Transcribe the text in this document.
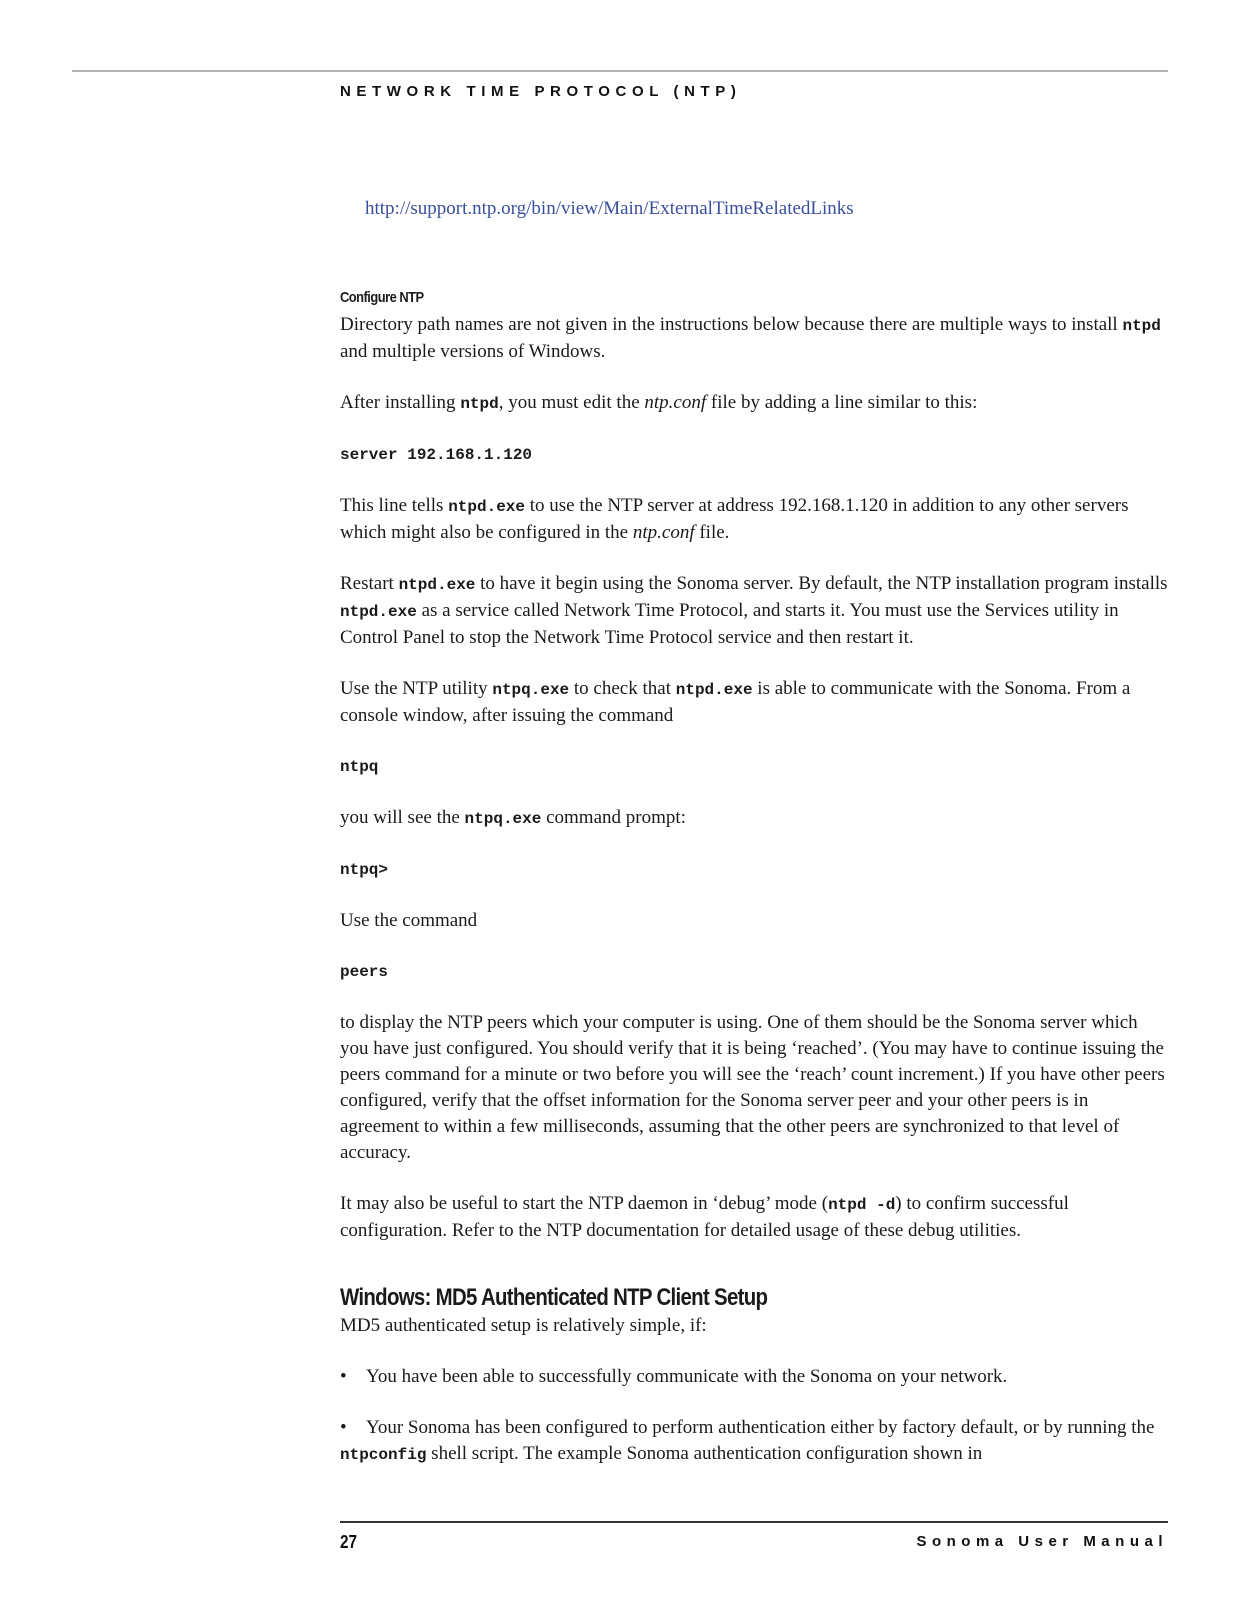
NETWORK TIME PROTOCOL (NTP)
http://support.ntp.org/bin/view/Main/ExternalTimeRelatedLinks
Configure NTP

Directory path names are not given in the instructions below because there are multiple ways to install ntpd and multiple versions of Windows.

After installing ntpd, you must edit the ntp.conf file by adding a line similar to this:

server 192.168.1.120

This line tells ntpd.exe to use the NTP server at address 192.168.1.120 in addition to any other servers which might also be configured in the ntp.conf file.

Restart ntpd.exe to have it begin using the Sonoma server. By default, the NTP installation program installs ntpd.exe as a service called Network Time Protocol, and starts it. You must use the Services utility in Control Panel to stop the Network Time Protocol service and then restart it.

Use the NTP utility ntpq.exe to check that ntpd.exe is able to communicate with the Sonoma. From a console window, after issuing the command

ntpq

you will see the ntpq.exe command prompt:

ntpq>

Use the command

peers

to display the NTP peers which your computer is using. One of them should be the Sonoma server which you have just configured. You should verify that it is being ‘reached’. (You may have to continue issuing the peers command for a minute or two before you will see the ‘reach’ count increment.) If you have other peers configured, verify that the offset information for the Sonoma server peer and your other peers is in agreement to within a few milliseconds, assuming that the other peers are synchronized to that level of accuracy.

It may also be useful to start the NTP daemon in ‘debug’ mode (ntpd -d) to confirm successful configuration. Refer to the NTP documentation for detailed usage of these debug utilities.

Windows: MD5 Authenticated NTP Client Setup

MD5 authenticated setup is relatively simple, if:

• You have been able to successfully communicate with the Sonoma on your network.

• Your Sonoma has been configured to perform authentication either by factory default, or by running the ntpconfig shell script. The example Sonoma authentication configuration shown in

27	Sonoma User Manual
